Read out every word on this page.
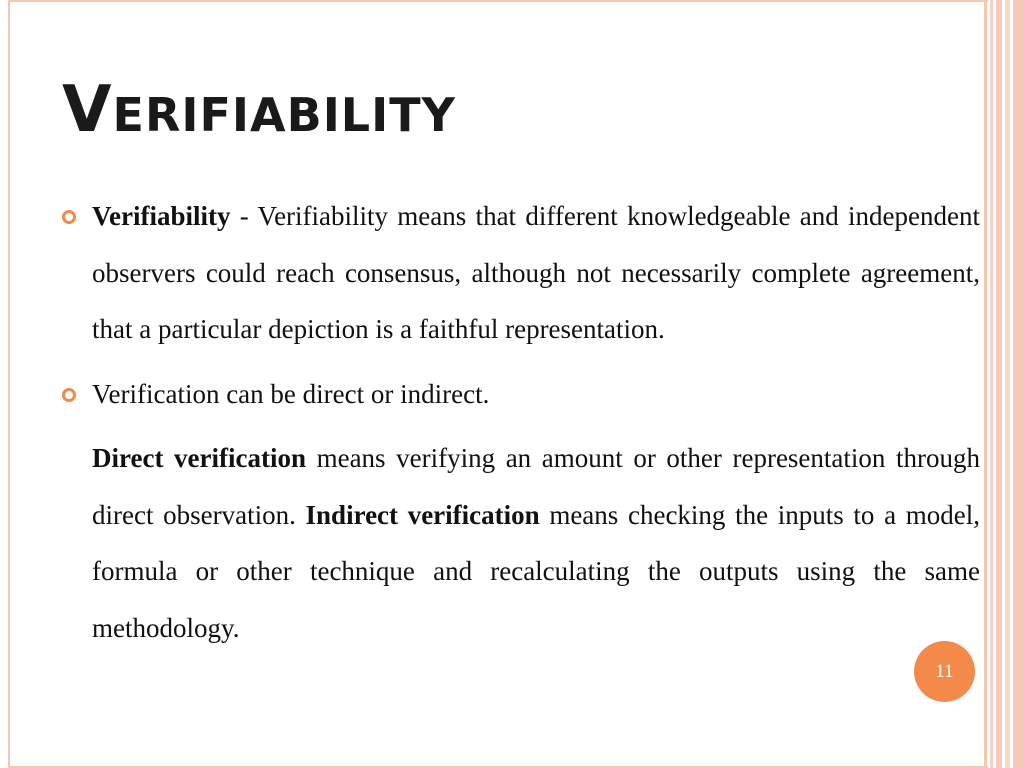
VERIFIABILITY

Verifiability - Verifiability means that different knowledgeable and independent observers could reach consensus, although not necessarily complete agreement, that a particular depiction is a faithful representation.

Verification can be direct or indirect.

Direct verification means verifying an amount or other representation through direct observation. Indirect verification means checking the inputs to a model, formula or other technique and recalculating the outputs using the same methodology.

11
